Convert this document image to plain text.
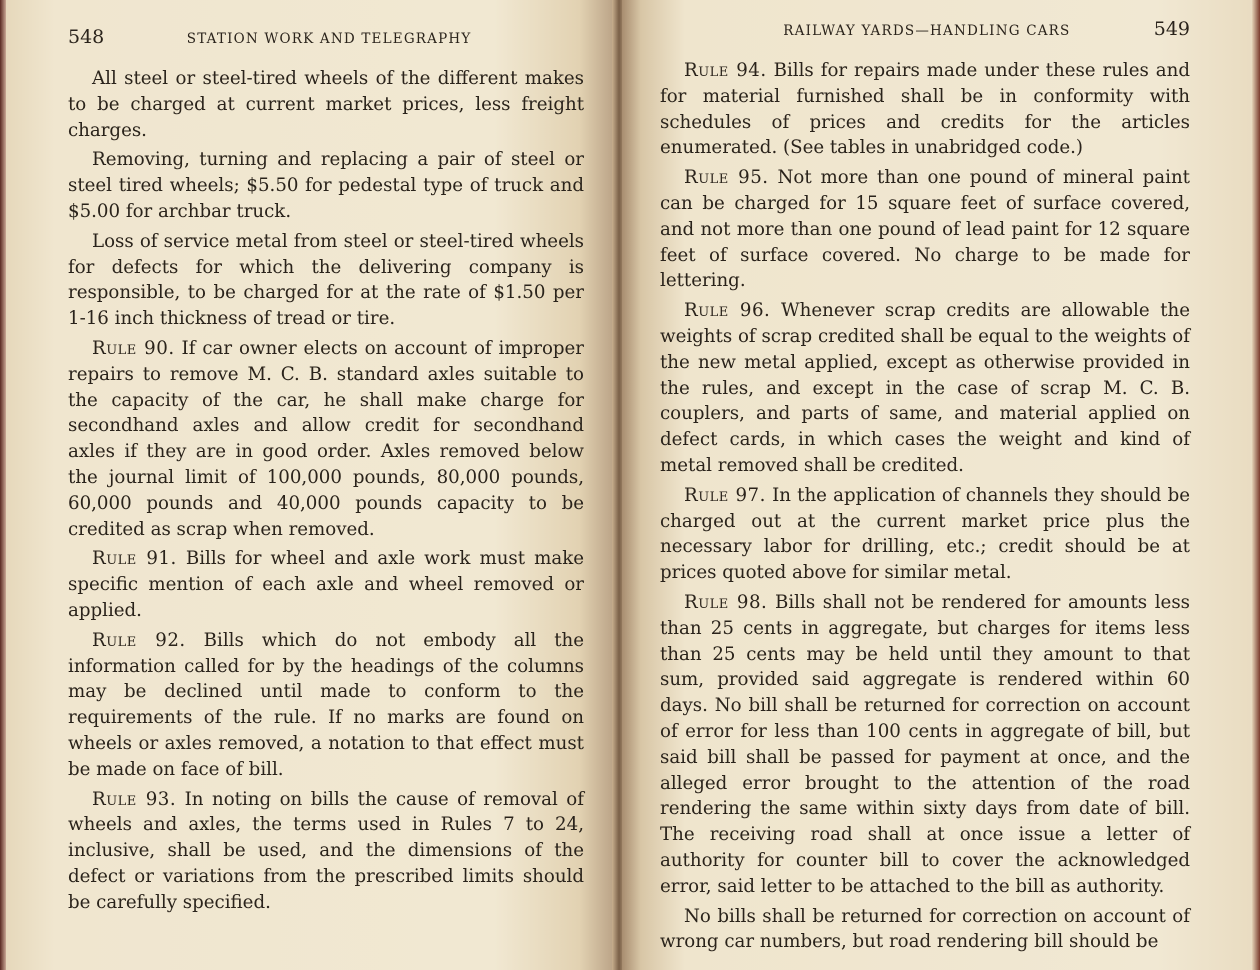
548	STATION WORK AND TELEGRAPHY

All steel or steel-tired wheels of the different makes to be charged at current market prices, less freight charges.

Removing, turning and replacing a pair of steel or steel tired wheels; $5.50 for pedestal type of truck and $5.00 for archbar truck.

Loss of service metal from steel or steel-tired wheels for defects for which the delivering company is responsible, to be charged for at the rate of $1.50 per 1-16 inch thickness of tread or tire.

Rule 90. If car owner elects on account of improper repairs to remove M. C. B. standard axles suitable to the capacity of the car, he shall make charge for secondhand axles and allow credit for secondhand axles if they are in good order. Axles removed below the journal limit of 100,000 pounds, 80,000 pounds, 60,000 pounds and 40,000 pounds capacity to be credited as scrap when removed.

Rule 91. Bills for wheel and axle work must make specific mention of each axle and wheel removed or applied.

Rule 92. Bills which do not embody all the information called for by the headings of the columns may be declined until made to conform to the requirements of the rule. If no marks are found on wheels or axles removed, a notation to that effect must be made on face of bill.

Rule 93. In noting on bills the cause of removal of wheels and axles, the terms used in Rules 7 to 24, inclusive, shall be used, and the dimensions of the defect or variations from the prescribed limits should be carefully specified.

RAILWAY YARDS—HANDLING CARS	549

Rule 94. Bills for repairs made under these rules and for material furnished shall be in conformity with schedules of prices and credits for the articles enumerated. (See tables in unabridged code.)

Rule 95. Not more than one pound of mineral paint can be charged for 15 square feet of surface covered, and not more than one pound of lead paint for 12 square feet of surface covered. No charge to be made for lettering.

Rule 96. Whenever scrap credits are allowable the weights of scrap credited shall be equal to the weights of the new metal applied, except as otherwise provided in the rules, and except in the case of scrap M. C. B. couplers, and parts of same, and material applied on defect cards, in which cases the weight and kind of metal removed shall be credited.

Rule 97. In the application of channels they should be charged out at the current market price plus the necessary labor for drilling, etc.; credit should be at prices quoted above for similar metal.

Rule 98. Bills shall not be rendered for amounts less than 25 cents in aggregate, but charges for items less than 25 cents may be held until they amount to that sum, provided said aggregate is rendered within 60 days. No bill shall be returned for correction on account of error for less than 100 cents in aggregate of bill, but said bill shall be passed for payment at once, and the alleged error brought to the attention of the road rendering the same within sixty days from date of bill. The receiving road shall at once issue a letter of authority for counter bill to cover the acknowledged error, said letter to be attached to the bill as authority.

No bills shall be returned for correction on account of wrong car numbers, but road rendering bill should be
